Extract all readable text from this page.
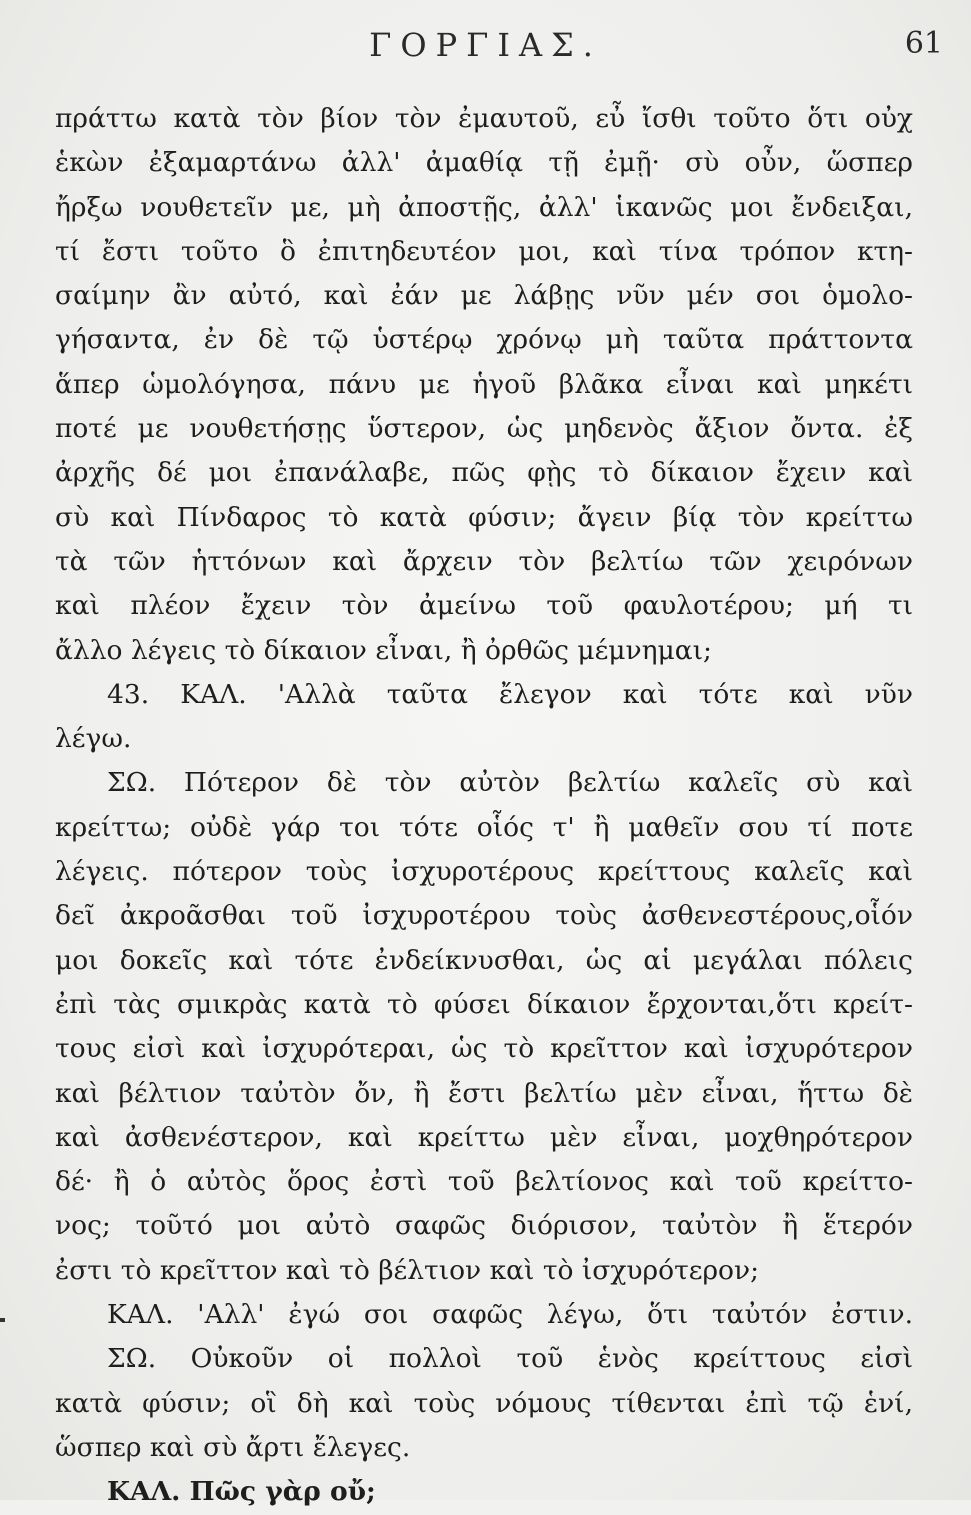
ΓΟΡΓΙΑΣ.	61
πράττω κατὰ τὸν βίον τὸν ἐμαυτοῦ, εὖ ἴσθι τοῦτο ὅτι οὐχ
ἑκὼν ἐξαμαρτάνω ἀλλ' ἀμαθίᾳ τῇ ἐμῇ· σὺ οὖν, ὥσπερ
ἤρξω νουθετεῖν με, μὴ ἀποστῇς, ἀλλ' ἱκανῶς μοι ἔνδειξαι,
τί ἔστι τοῦτο ὃ ἐπιτηδευτέον μοι, καὶ τίνα τρόπον κτη-
σαίμην ἂν αὐτό, καὶ ἐάν με λάβῃς νῦν μέν σοι ὁμολο-
γήσαντα, ἐν δὲ τῷ ὑστέρῳ χρόνῳ μὴ ταῦτα πράττοντα
ἅπερ ὡμολόγησα, πάνυ με ἡγοῦ βλᾶκα εἶναι καὶ μηκέτι
ποτέ με νουθετήσῃς ὕστερον, ὡς μηδενὸς ἄξιον ὄντα. ἐξ
ἀρχῆς δέ μοι ἐπανάλαβε, πῶς φῂς τὸ δίκαιον ἔχειν καὶ
σὺ καὶ Πίνδαρος τὸ κατὰ φύσιν; ἄγειν βίᾳ τὸν κρείττω
τὰ τῶν ἡττόνων καὶ ἄρχειν τὸν βελτίω τῶν χειρόνων
καὶ πλέον ἔχειν τὸν ἀμείνω τοῦ φαυλοτέρου; μή τι
ἄλλο λέγεις τὸ δίκαιον εἶναι, ἢ ὀρθῶς μέμνημαι;
43. ΚΑΛ. 'Αλλὰ ταῦτα ἔλεγον καὶ τότε καὶ νῦν
λέγω.
ΣΩ. Πότερον δὲ τὸν αὐτὸν βελτίω καλεῖς σὺ καὶ
κρείττω; οὐδὲ γάρ τοι τότε οἷός τ' ἢ μαθεῖν σου τί ποτε
λέγεις. πότερον τοὺς ἰσχυροτέρους κρείττους καλεῖς καὶ
δεῖ ἀκροᾶσθαι τοῦ ἰσχυροτέρου τοὺς ἀσθενεστέρους,οἷόν
μοι δοκεῖς καὶ τότε ἐνδείκνυσθαι, ὡς αἱ μεγάλαι πόλεις
ἐπὶ τὰς σμικρὰς κατὰ τὸ φύσει δίκαιον ἔρχονται,ὅτι κρείτ-
τους εἰσὶ καὶ ἰσχυρότεραι, ὡς τὸ κρεῖττον καὶ ἰσχυρότερον
καὶ βέλτιον ταὐτὸν ὄν, ἢ ἔστι βελτίω μὲν εἶναι, ἥττω δὲ
καὶ ἀσθενέστερον, καὶ κρείττω μὲν εἶναι, μοχθηρότερον
δέ· ἢ ὁ αὐτὸς ὅρος ἐστὶ τοῦ βελτίονος καὶ τοῦ κρείττο-
νος; τοῦτό μοι αὐτὸ σαφῶς διόρισον, ταὐτὸν ἢ ἕτερόν
ἐστι τὸ κρεῖττον καὶ τὸ βέλτιον καὶ τὸ ἰσχυρότερον;
ΚΑΛ. 'Αλλ' ἐγώ σοι σαφῶς λέγω, ὅτι ταὐτόν ἐστιν.
ΣΩ. Οὐκοῦν οἱ πολλοὶ τοῦ ἑνὸς κρείττους εἰσὶ
κατὰ φύσιν; οἳ δὴ καὶ τοὺς νόμους τίθενται ἐπὶ τῷ ἑνί,
ὥσπερ καὶ σὺ ἄρτι ἔλεγες.
ΚΑΛ. Πῶς γὰρ οὔ;
